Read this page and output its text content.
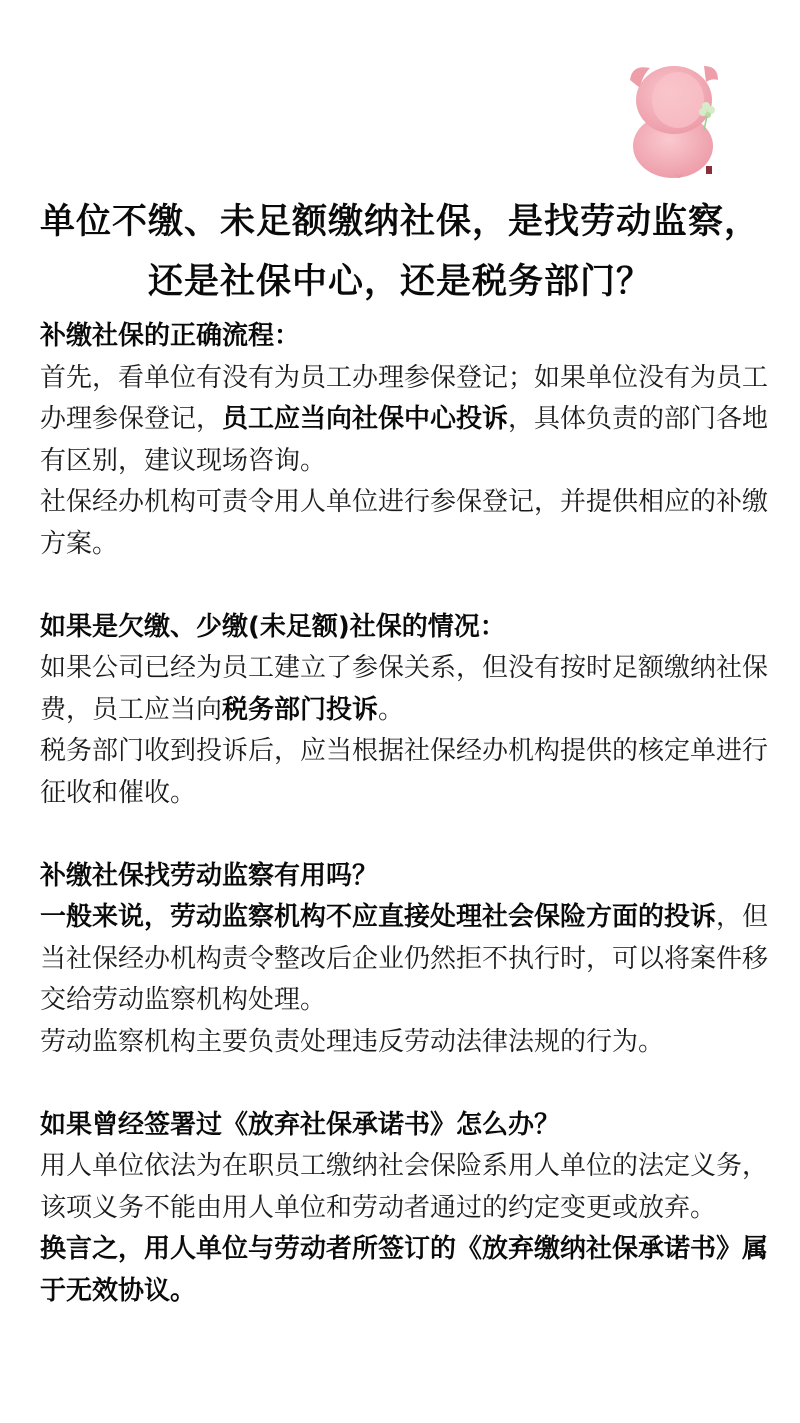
单位不缴、未足额缴纳社保，是找劳动监察，
还是社保中心，还是税务部门？

补缴社保的正确流程：

首先，看单位有没有为员工办理参保登记；如果单位没有为员工办理参保登记，员工应当向社保中心投诉，具体负责的部门各地有区别，建议现场咨询。

社保经办机构可责令用人单位进行参保登记，并提供相应的补缴方案。

如果是欠缴、少缴(未足额)社保的情况：

如果公司已经为员工建立了参保关系，但没有按时足额缴纳社保费，员工应当向税务部门投诉。

税务部门收到投诉后，应当根据社保经办机构提供的核定单进行征收和催收。

补缴社保找劳动监察有用吗？

一般来说，劳动监察机构不应直接处理社会保险方面的投诉，但当社保经办机构责令整改后企业仍然拒不执行时，可以将案件移交给劳动监察机构处理。

劳动监察机构主要负责处理违反劳动法律法规的行为。

如果曾经签署过《放弃社保承诺书》怎么办？

用人单位依法为在职员工缴纳社会保险系用人单位的法定义务，该项义务不能由用人单位和劳动者通过的约定变更或放弃。

换言之，用人单位与劳动者所签订的《放弃缴纳社保承诺书》属于无效协议。
